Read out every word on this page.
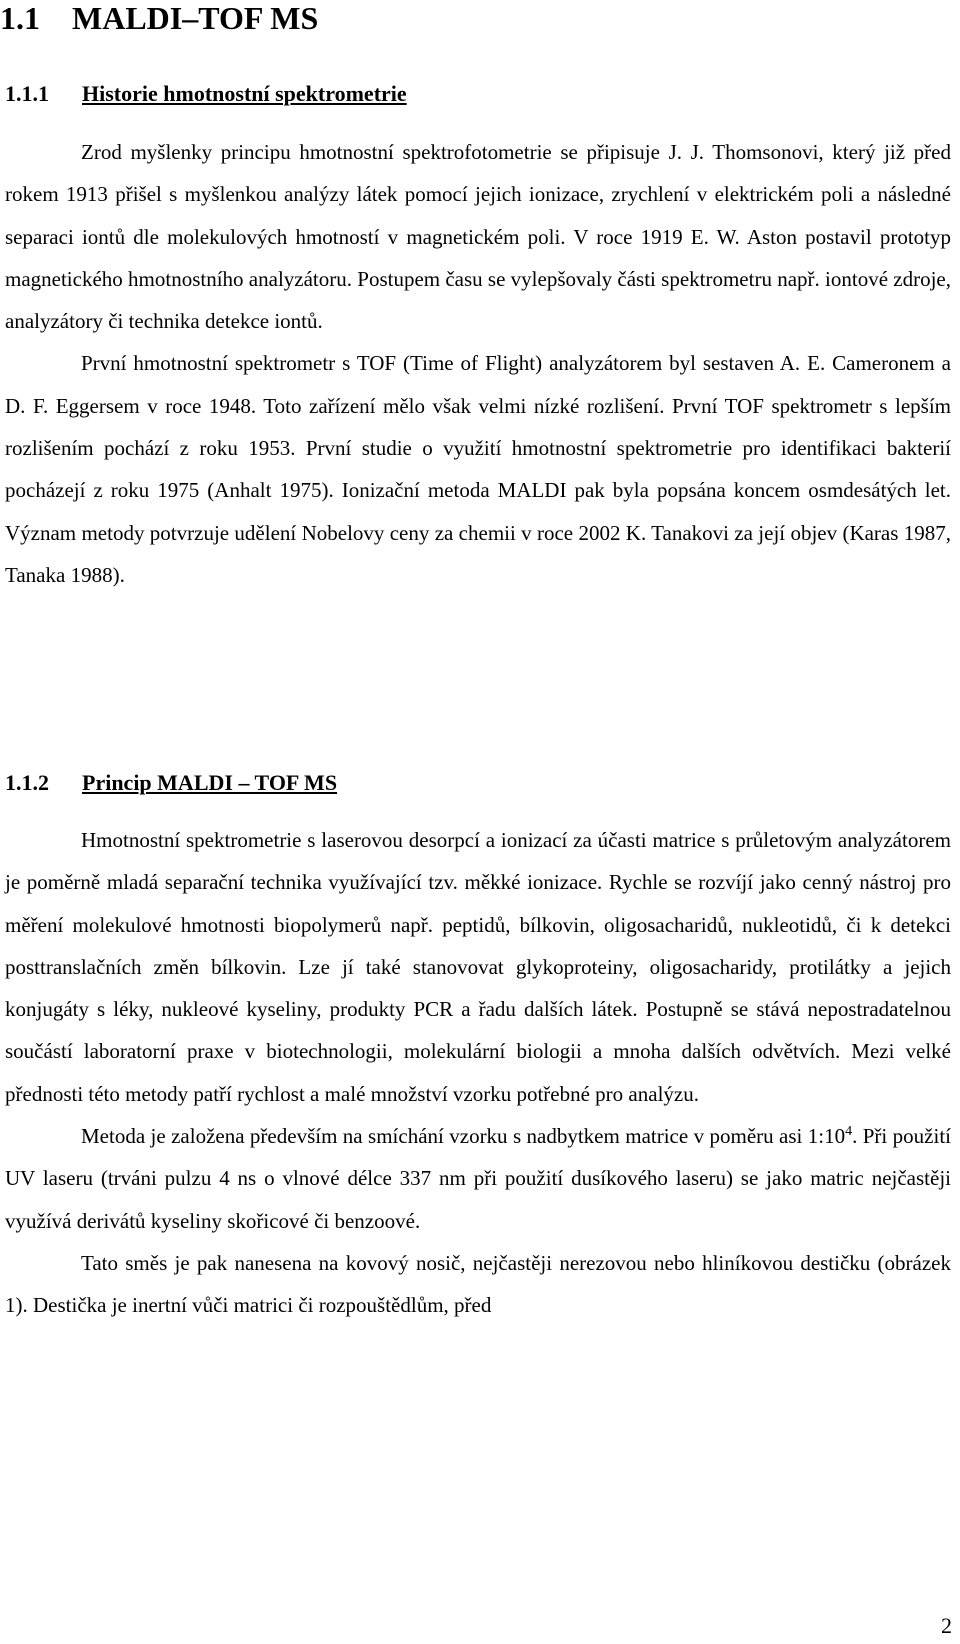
1.1 MALDI–TOF MS
1.1.1 Historie hmotnostní spektrometrie

Zrod myšlenky principu hmotnostní spektrofotometrie se připisuje J. J. Thomsonovi, který již před rokem 1913 přišel s myšlenkou analýzy látek pomocí jejich ionizace, zrychlení v elektrickém poli a následné separaci iontů dle molekulových hmotností v magnetickém poli. V roce 1919 E. W. Aston postavil prototyp magnetického hmotnostního analyzátoru. Postupem času se vylepšovaly části spektrometru např. iontové zdroje, analyzátory či technika detekce iontů.

První hmotnostní spektrometr s TOF (Time of Flight) analyzátorem byl sestaven A. E. Cameronem a D. F. Eggersem v roce 1948. Toto zařízení mělo však velmi nízké rozlišení. První TOF spektrometr s lepším rozlišením pochází z roku 1953. První studie o využití hmotnostní spektrometrie pro identifikaci bakterií pocházejí z roku 1975 (Anhalt 1975). Ionizační metoda MALDI pak byla popsána koncem osmdesátých let. Význam metody potvrzuje udělení Nobelovy ceny za chemii v roce 2002 K. Tanakovi za její objev (Karas 1987, Tanaka 1988).

1.1.2 Princip MALDI – TOF MS

Hmotnostní spektrometrie s laserovou desorpcí a ionizací za účasti matrice s průletovým analyzátorem je poměrně mladá separační technika využívající tzv. měkké ionizace. Rychle se rozvíjí jako cenný nástroj pro měření molekulové hmotnosti biopolymerů např. peptidů, bílkovin, oligosacharidů, nukleotidů, či k detekci posttranslačních změn bílkovin. Lze jí také stanovovat glykoproteiny, oligosacharidy, protilátky a jejich konjugáty s léky, nukleové kyseliny, produkty PCR a řadu dalších látek. Postupně se stává nepostradatelnou součástí laboratorní praxe v biotechnologii, molekulární biologii a mnoha dalších odvětvích. Mezi velké přednosti této metody patří rychlost a malé množství vzorku potřebné pro analýzu.

Metoda je založena především na smíchání vzorku s nadbytkem matrice v poměru asi $1:10^4$. Při použití UV laseru (trváni pulzu 4 ns o vlnové délce 337 nm při použití dusíkového laseru) se jako matric nejčastěji využívá derivátů kyseliny skořicové či benzoové.

Tato směs je pak nanesena na kovový nosič, nejčastěji nerezovou nebo hliníkovou destičku (obrázek 1). Destička je inertní vůči matrici či rozpouštědlům, před

2
